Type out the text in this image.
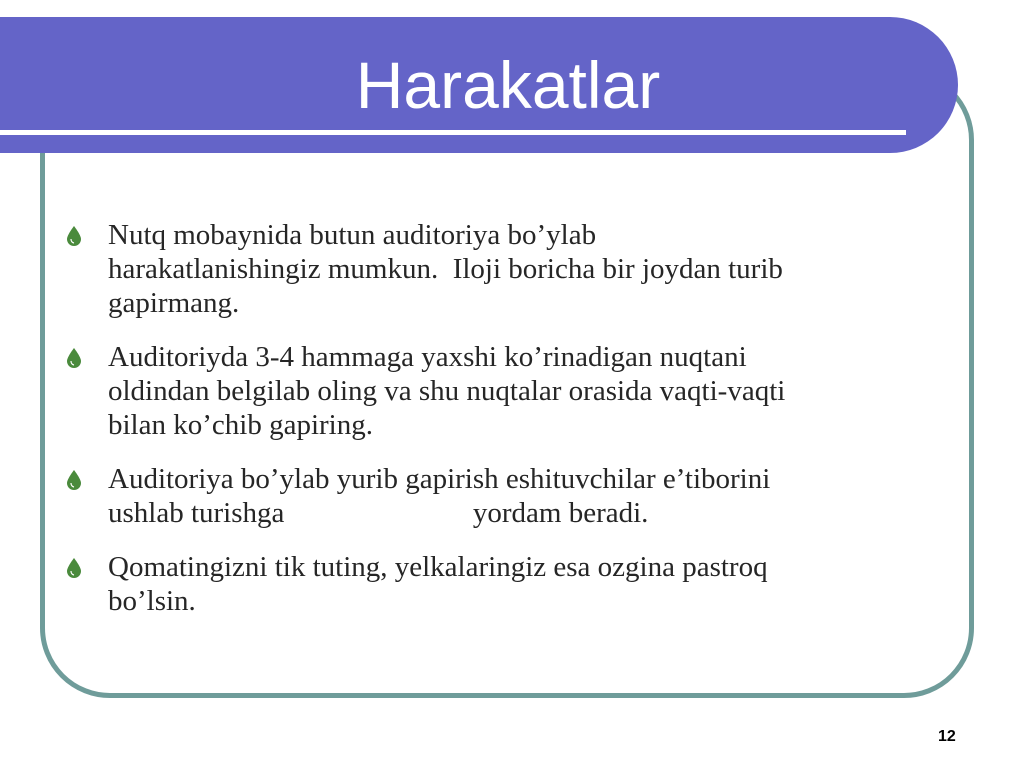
Harakatlar
Nutq mobaynida butun auditoriya bo’ylab
harakatlanishingiz mumkun.  Iloji boricha bir joydan turib
gapirmang.
Auditoriyda 3-4 hammaga yaxshi ko’rinadigan nuqtani
oldindan belgilab oling va shu nuqtalar orasida vaqti-vaqti
bilan ko’chib gapiring.
Auditoriya bo’ylab yurib gapirish eshituvchilar e’tiborini
ushlab turishga                          yordam beradi.
Qomatingizni tik tuting, yelkalaringiz esa ozgina pastroq
bo’lsin.
12
